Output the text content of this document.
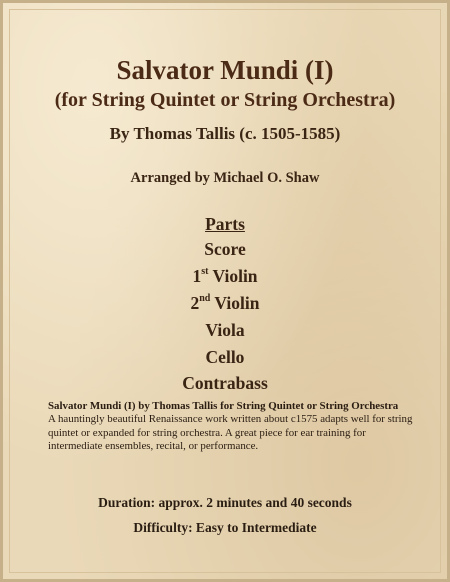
Salvator Mundi (I)
(for String Quintet or String Orchestra)
By Thomas Tallis (c. 1505-1585)
Arranged by Michael O. Shaw
Parts
Score
1st Violin
2nd Violin
Viola
Cello
Contrabass
Salvator Mundi (I) by Thomas Tallis for String Quintet or String Orchestra
A hauntingly beautiful Renaissance work written about c1575 adapts well for string quintet or expanded for string orchestra. A great piece for ear training for intermediate ensembles, recital, or performance.
Duration: approx. 2 minutes and 40 seconds
Difficulty: Easy to Intermediate
